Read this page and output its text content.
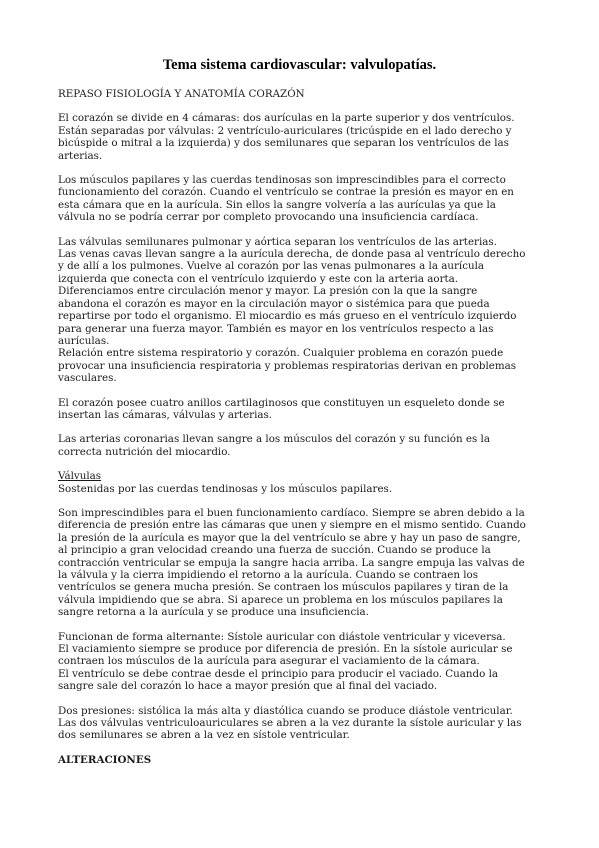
Tema sistema cardiovascular: valvulopatías.
REPASO FISIOLOGÍA Y ANATOMÍA CORAZÓN
El corazón se divide en 4 cámaras: dos aurículas en la parte superior y dos ventrículos.
Están separadas por válvulas: 2 ventrículo-auriculares (tricúspide en el lado derecho y
bicúspide o mitral a la izquierda) y dos semilunares que separan los ventrículos de las
arterias.
Los músculos papilares y las cuerdas tendinosas son imprescindibles para el correcto
funcionamiento del corazón. Cuando el ventrículo se contrae la presión es mayor en en
esta cámara que en la aurícula. Sin ellos la sangre volvería a las aurículas ya que la
válvula no se podría cerrar por completo provocando una insuficiencia cardíaca.
Las válvulas semilunares pulmonar y aórtica separan los ventrículos de las arterias.
Las venas cavas llevan sangre a la aurícula derecha, de donde pasa al ventrículo derecho
y de allí a los pulmones. Vuelve al corazón por las venas pulmonares a la aurícula
izquierda que conecta con el ventrículo izquierdo y este con la arteria aorta.
Diferenciamos entre circulación menor y mayor. La presión con la que la sangre
abandona el corazón es mayor en la circulación mayor o sistémica para que pueda
repartirse por todo el organismo. El miocardio es más grueso en el ventrículo izquierdo
para generar una fuerza mayor. También es mayor en los ventrículos respecto a las
aurículas.
Relación entre sistema respiratorio y corazón. Cualquier problema en corazón puede
provocar una insuficiencia respiratoria y problemas respiratorias derivan en problemas
vasculares.
El corazón posee cuatro anillos cartilaginosos que constituyen un esqueleto donde se
insertan las cámaras, válvulas y arterias.
Las arterias coronarias llevan sangre a los músculos del corazón y su función es la
correcta nutrición del miocardio.
Válvulas
Sostenidas por las cuerdas tendinosas y los músculos papilares.
Son imprescindibles para el buen funcionamiento cardíaco. Siempre se abren debido a la
diferencia de presión entre las cámaras que unen y siempre en el mismo sentido. Cuando
la presión de la aurícula es mayor que la del ventrículo se abre y hay un paso de sangre,
al principio a gran velocidad creando una fuerza de succión. Cuando se produce la
contracción ventricular se empuja la sangre hacia arriba. La sangre empuja las valvas de
la válvula y la cierra impidiendo el retorno a la aurícula. Cuando se contraen los
ventrículos se genera mucha presión. Se contraen los músculos papilares y tiran de la
válvula impidiendo que se abra. Si aparece un problema en los músculos papilares la
sangre retorna a la aurícula y se produce una insuficiencia.
Funcionan de forma alternante: Sístole auricular con diástole ventricular y viceversa.
El vaciamiento siempre se produce por diferencia de presión. En la sístole auricular se
contraen los músculos de la aurícula para asegurar el vaciamiento de la cámara.
El ventrículo se debe contrae desde el principio para producir el vaciado. Cuando la
sangre sale del corazón lo hace a mayor presión que al final del vaciado.
Dos presiones: sistólica la más alta y diastólica cuando se produce diástole ventricular.
Las dos válvulas ventriculoauriculares se abren a la vez durante la sístole auricular y las
dos semilunares se abren a la vez en sístole ventricular.
ALTERACIONES
